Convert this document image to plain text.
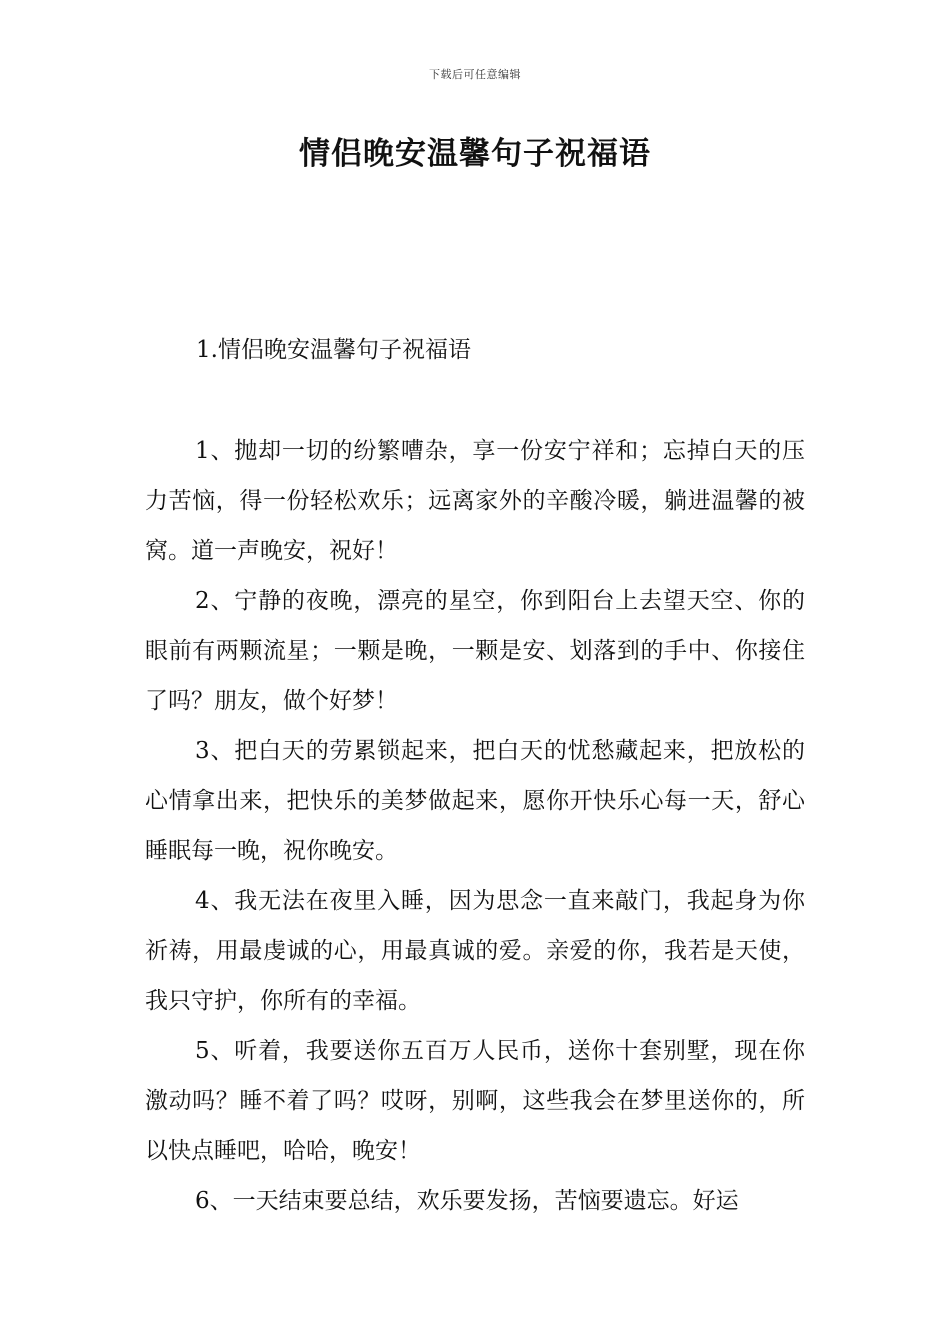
下载后可任意编辑
情侣晚安温馨句子祝福语
1.情侣晚安温馨句子祝福语

1、抛却一切的纷繁嘈杂，享一份安宁祥和；忘掉白天的压力苦恼，得一份轻松欢乐；远离家外的辛酸冷暖，躺进温馨的被窝。道一声晚安，祝好！

2、宁静的夜晚，漂亮的星空，你到阳台上去望天空、你的眼前有两颗流星；一颗是晚，一颗是安、划落到的手中、你接住了吗？朋友，做个好梦！

3、把白天的劳累锁起来，把白天的忧愁藏起来，把放松的心情拿出来，把快乐的美梦做起来，愿你开快乐心每一天，舒心睡眠每一晚，祝你晚安。

4、我无法在夜里入睡，因为思念一直来敲门，我起身为你祈祷，用最虔诚的心，用最真诚的爱。亲爱的你，我若是天使，我只守护，你所有的幸福。

5、听着，我要送你五百万人民币，送你十套别墅，现在你激动吗？睡不着了吗？哎呀，别啊，这些我会在梦里送你的，所以快点睡吧，哈哈，晚安！

6、一天结束要总结，欢乐要发扬，苦恼要遗忘。好运
